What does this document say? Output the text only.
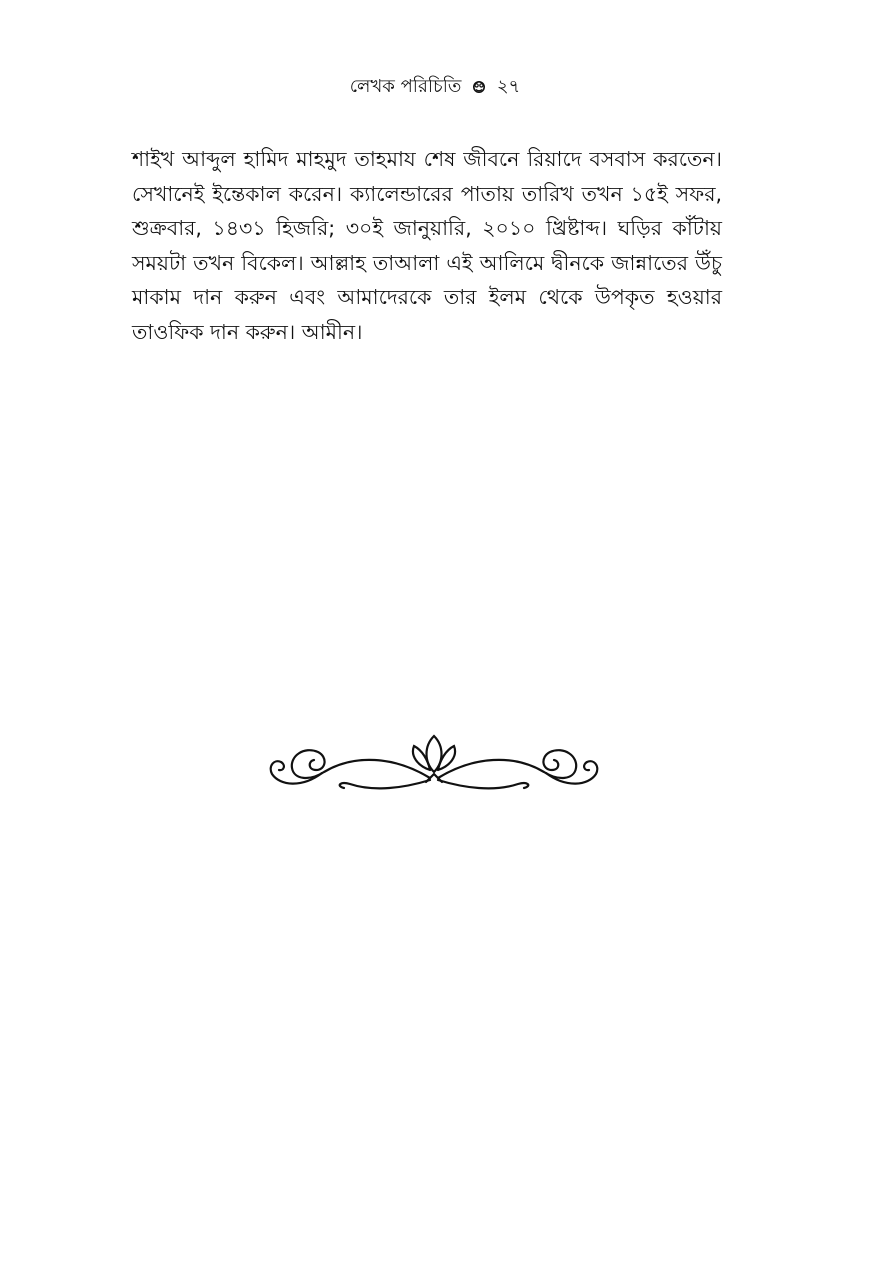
লেখক পরিচিতি ২৭

শাইখ আব্দুল হামিদ মাহমুদ তাহমায শেষ জীবনে রিয়াদে বসবাস করতেন। সেখানেই ইন্তেকাল করেন। ক্যালেন্ডারের পাতায় তারিখ তখন ১৫ই সফর, শুক্রবার, ১৪৩১ হিজরি; ৩০ই জানুয়ারি, ২০১০ খ্রিষ্টাব্দ। ঘড়ির কাঁটায় সময়টা তখন বিকেল। আল্লাহ তাআলা এই আলিমে দ্বীনকে জান্নাতের উঁচু মাকাম দান করুন এবং আমাদেরকে তার ইলম থেকে উপকৃত হওয়ার তাওফিক দান করুন। আমীন।
